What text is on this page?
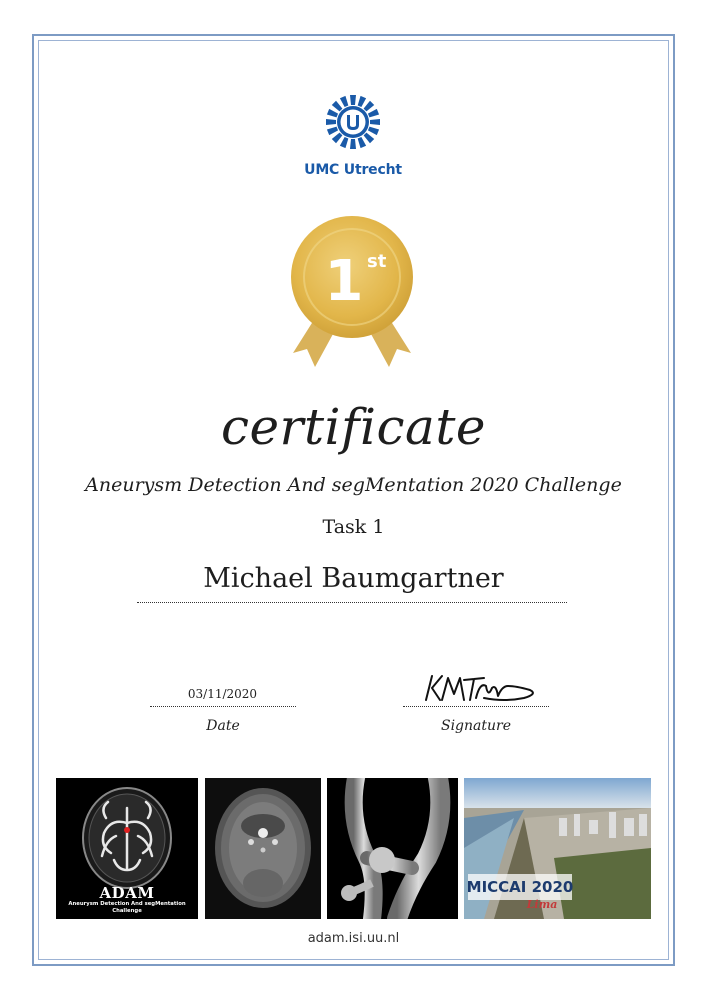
UMC Utrecht
1 st
certificate
Aneurysm Detection And segMentation 2020 Challenge
Task 1
Michael Baumgartner
03/11/2020
Date	Signature
ADAM
Aneurysm Detection And segMentation
Challenge
MICCAI 2020
Lima
adam.isi.uu.nl
